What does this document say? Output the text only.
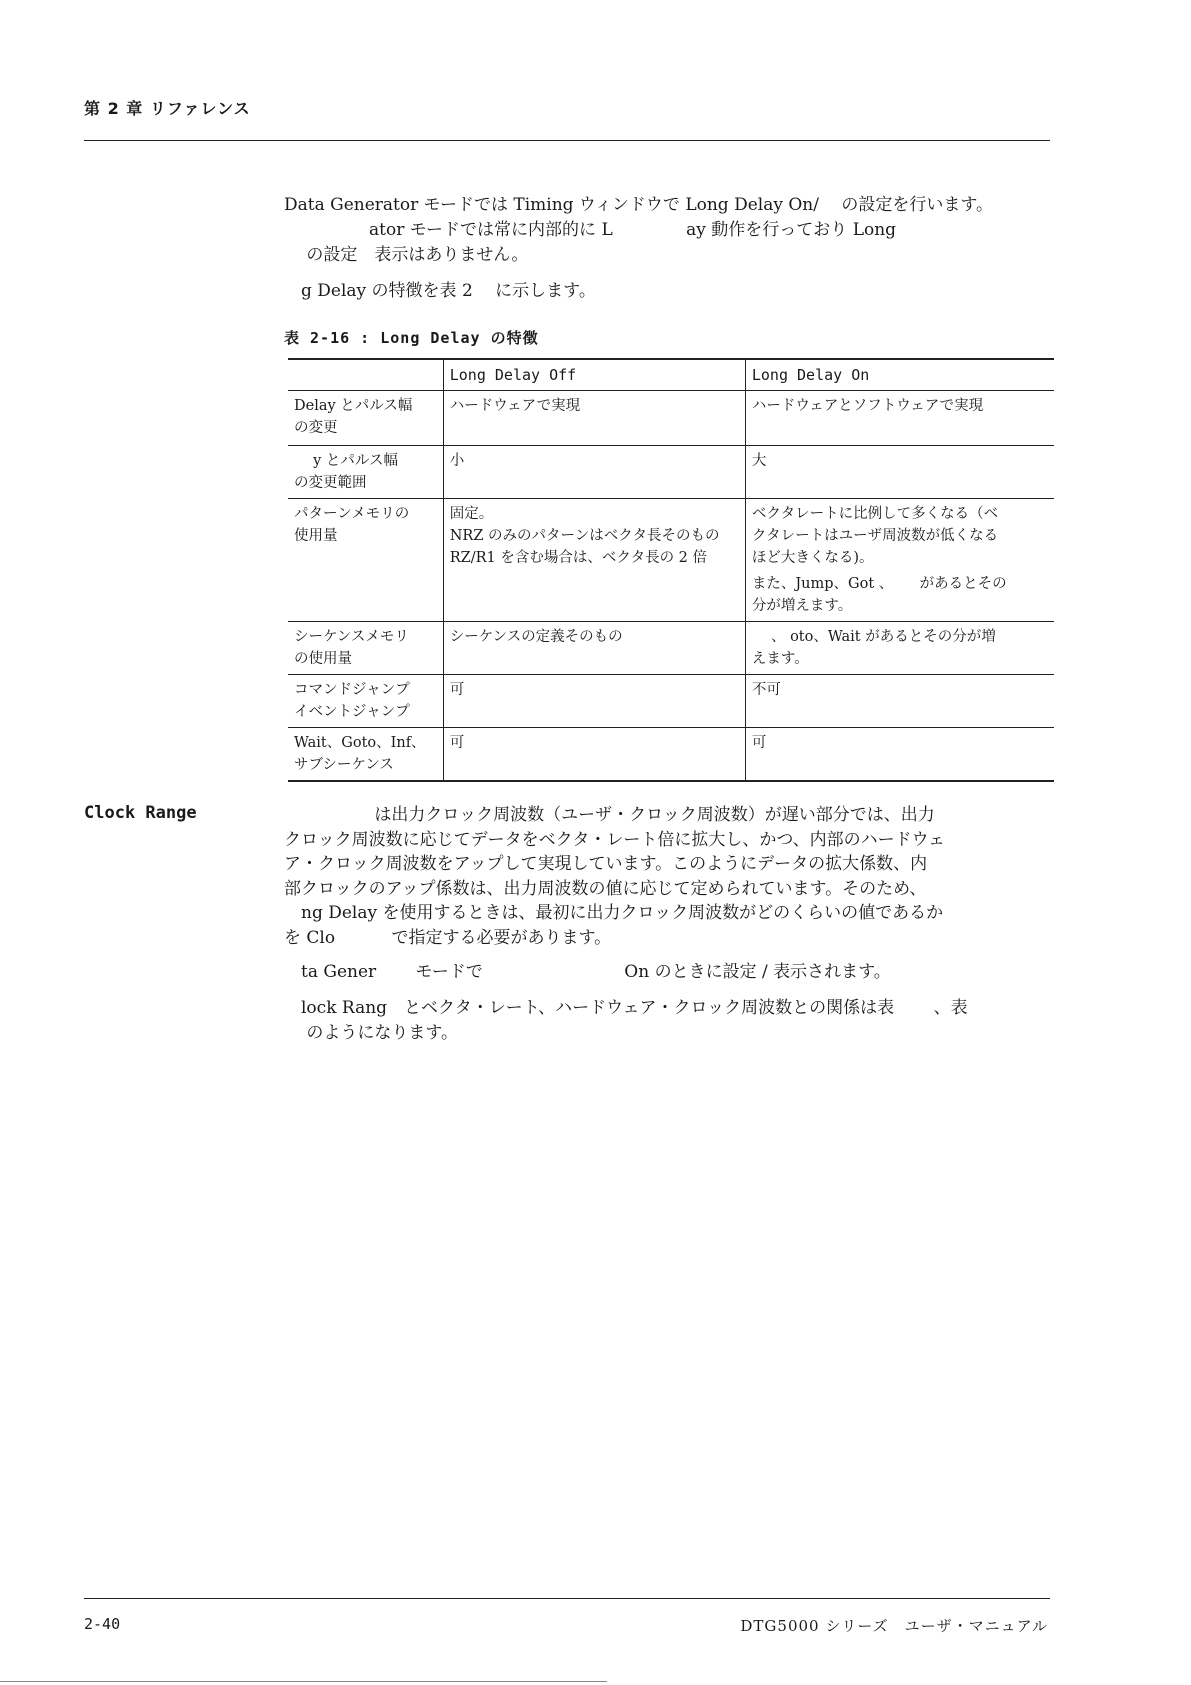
第 2 章 リファレンス
Data Generator モードでは Timing ウィンドウで Long Delay On/　 の設定を行います。
　　　　　ator モードでは常に内部的に L　　　　 ay 動作を行っており Long
　 の設定　表示はありません。
　g Delay の特徴を表 2　 に示します。
表 2-16 : Long Delay の特徴
	Long Delay Off	Long Delay On

Delay とパルス幅
の変更	ハードウェアで実現	ハードウェアとソフトウェアで実現

　 y とパルス幅
の変更範囲	小	大

パターンメモリの
使用量	固定。
NRZ のみのパターンはベクタ長そのもの
RZ/R1 を含む場合は、ベクタ長の 2 倍	ベクタレートに比例して多くなる（ベ
クタレートはユーザ周波数が低くなる
ほど大きくなる)。
また、Jump、Got 、　　 があるとその
分が増えます。

シーケンスメモリ
の使用量	シーケンスの定義そのもの	　 、 oto、Wait があるとその分が増
えます。

コマンドジャンプ
イベントジャンプ	可	不可

Wait、Goto、Inf、
サブシーケンス	可	可
Clock Range	　　　　　 は出力クロック周波数（ユーザ・クロック周波数）が遅い部分では、出力
クロック周波数に応じてデータをベクタ・レート倍に拡大し、かつ、内部のハードウェ
ア・クロック周波数をアップして実現しています。このようにデータの拡大係数、内
部クロックのアップ係数は、出力周波数の値に応じて定められています。そのため、
　ng Delay を使用するときは、最初に出力クロック周波数がどのくらいの値であるか
を Clo　　　 で指定する必要があります。
　ta Gener　　 モードで　　　　　　　　 On のときに設定 / 表示されます。
　lock Rang　とベクタ・レート、ハードウェア・クロック周波数との関係は表　　 、表
　 のようになります。
2-40	DTG5000 シリーズ　ユーザ・マニュアル
